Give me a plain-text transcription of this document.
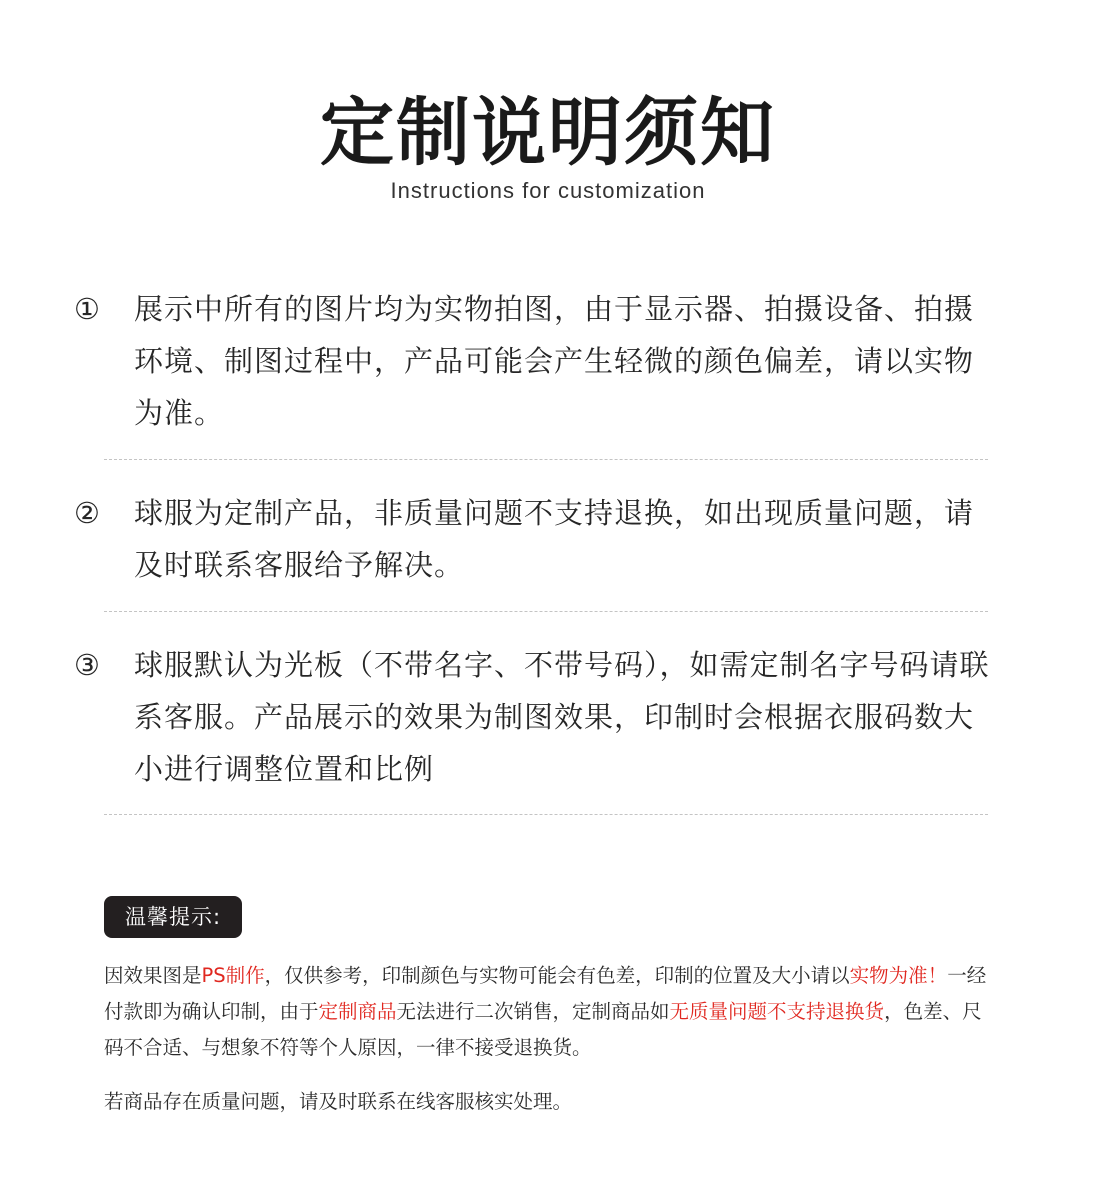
定制说明须知
Instructions for customization
① 展示中所有的图片均为实物拍图，由于显示器、拍摄设备、拍摄环境、制图过程中，产品可能会产生轻微的颜色偏差，请以实物为准。
② 球服为定制产品，非质量问题不支持退换，如出现质量问题，请及时联系客服给予解决。
③ 球服默认为光板（不带名字、不带号码），如需定制名字号码请联系客服。产品展示的效果为制图效果，印制时会根据衣服码数大小进行调整位置和比例
温馨提示:
因效果图是PS制作，仅供参考，印制颜色与实物可能会有色差，印制的位置及大小请以实物为准！一经付款即为确认印制，由于定制商品无法进行二次销售，定制商品如无质量问题不支持退换货，色差、尺码不合适、与想象不符等个人原因，一律不接受退换货。
若商品存在质量问题，请及时联系在线客服核实处理。
